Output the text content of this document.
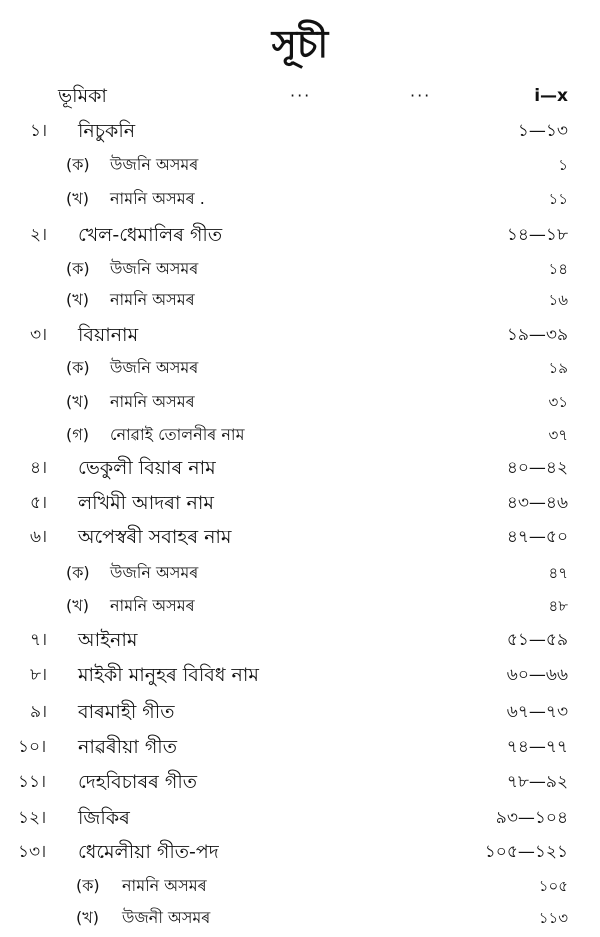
সূচী
ভূমিকা	···	···	i—x
১। নিচুকনি	১—১৩
(ক) উজনি অসমৰ	১
(খ) নামনি অসমৰ .	১১
২। খেল-ধেমালিৰ গীত	১৪—১৮
(ক) উজনি অসমৰ	১৪
(খ) নামনি অসমৰ	১৬
৩। বিয়ানাম	১৯—৩৯
(ক) উজনি অসমৰ	১৯
(খ) নামনি অসমৰ	৩১
(গ) নোৱাই তোলনীৰ নাম	৩৭
৪। ভেকুলী বিয়াৰ নাম	৪০—৪২
৫। লখিমী আদৰা নাম	৪৩—৪৬
৬। অপেস্বৰী সবাহৰ নাম	৪৭—৫০
(ক) উজনি অসমৰ	৪৭
(খ) নামনি অসমৰ	৪৮
৭। আইনাম	৫১—৫৯
৮। মাইকী মানুহৰ বিবিধ নাম	৬০—৬৬
৯। বাৰমাহী গীত	৬৭—৭৩
১০। নাৱৰীয়া গীত	৭৪—৭৭
১১। দেহবিচাৰৰ গীত	৭৮—৯২
১২। জিকিৰ	৯৩—১০৪
১৩। ধেমেলীয়া গীত-পদ	১০৫—১২১
(ক) নামনি অসমৰ	১০৫
(খ) উজনী অসমৰ	১১৩
